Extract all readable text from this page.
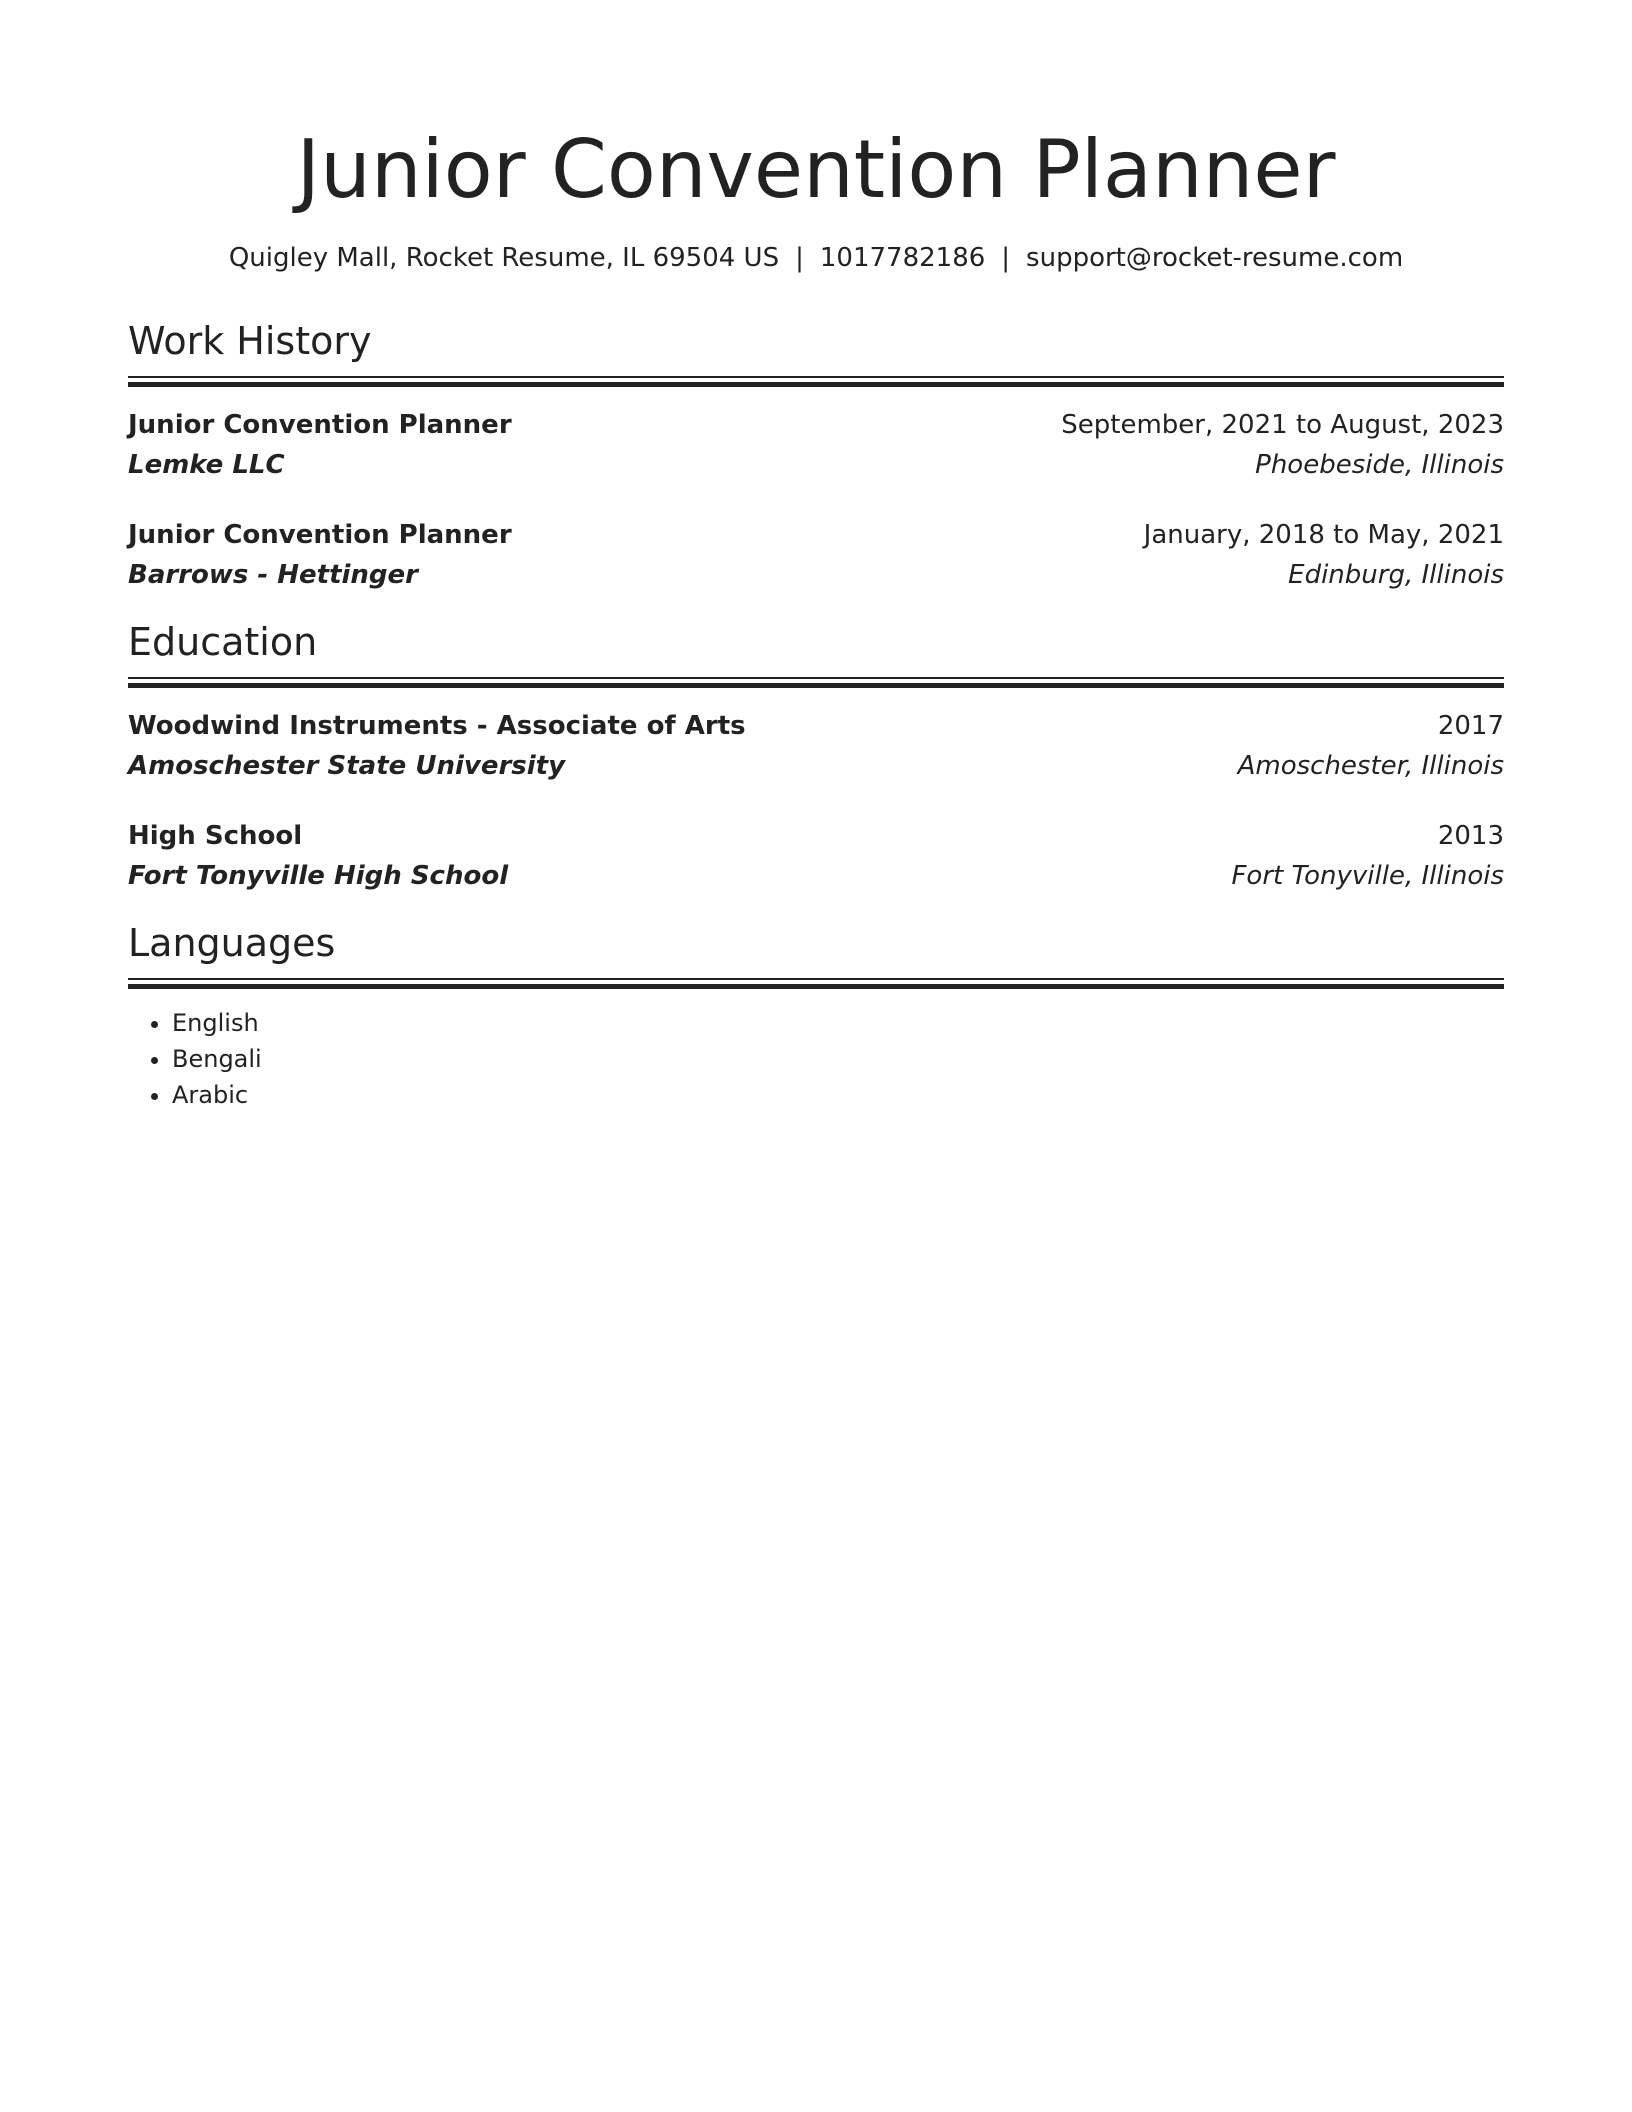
Junior Convention Planner
Quigley Mall, Rocket Resume, IL 69504 US | 1017782186 | support@rocket-resume.com
Work History
Junior Convention Planner	September, 2021 to August, 2023
Lemke LLC	Phoebeside, Illinois
Junior Convention Planner	January, 2018 to May, 2021
Barrows - Hettinger	Edinburg, Illinois
Education
Woodwind Instruments - Associate of Arts	2017
Amoschester State University	Amoschester, Illinois
High School	2013
Fort Tonyville High School	Fort Tonyville, Illinois
Languages
• English
• Bengali
• Arabic
